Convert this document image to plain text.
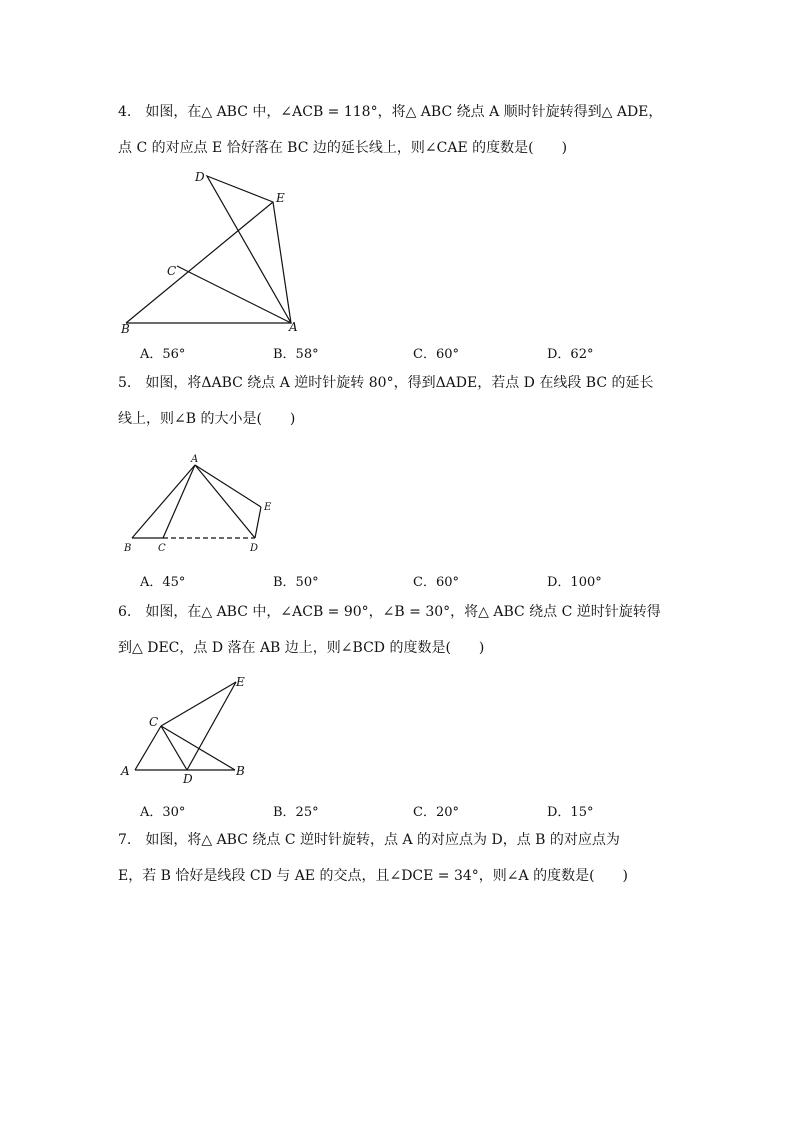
4.　如图，在△ ABC 中，∠ACB = 118°，将△ ABC 绕点 A 顺时针旋转得到△ ADE，
点 C 的对应点 E 恰好落在 BC 边的延长线上，则∠CAE 的度数是(　　)
D
E
C
B	A
A．56°	B．58°	C．60°	D．62°
5.　如图，将ΔABC 绕点 A 逆时针旋转 80°，得到ΔADE，若点 D 在线段 BC 的延长
线上，则∠B 的大小是(　　)
A
E
B	C	D
A．45°	B．50°	C．60°	D．100°
6.　如图，在△ ABC 中，∠ACB = 90°，∠B = 30°，将△ ABC 绕点 C 逆时针旋转得
到△ DEC，点 D 落在 AB 边上，则∠BCD 的度数是(　　)
E
C
A
D
B
A．30°	B．25°	C．20°	D．15°
7.　如图，将△ ABC 绕点 C 逆时针旋转，点 A 的对应点为 D，点 B 的对应点为
E，若 B 恰好是线段 CD 与 AE 的交点，且∠DCE = 34°，则∠A 的度数是(　　)
